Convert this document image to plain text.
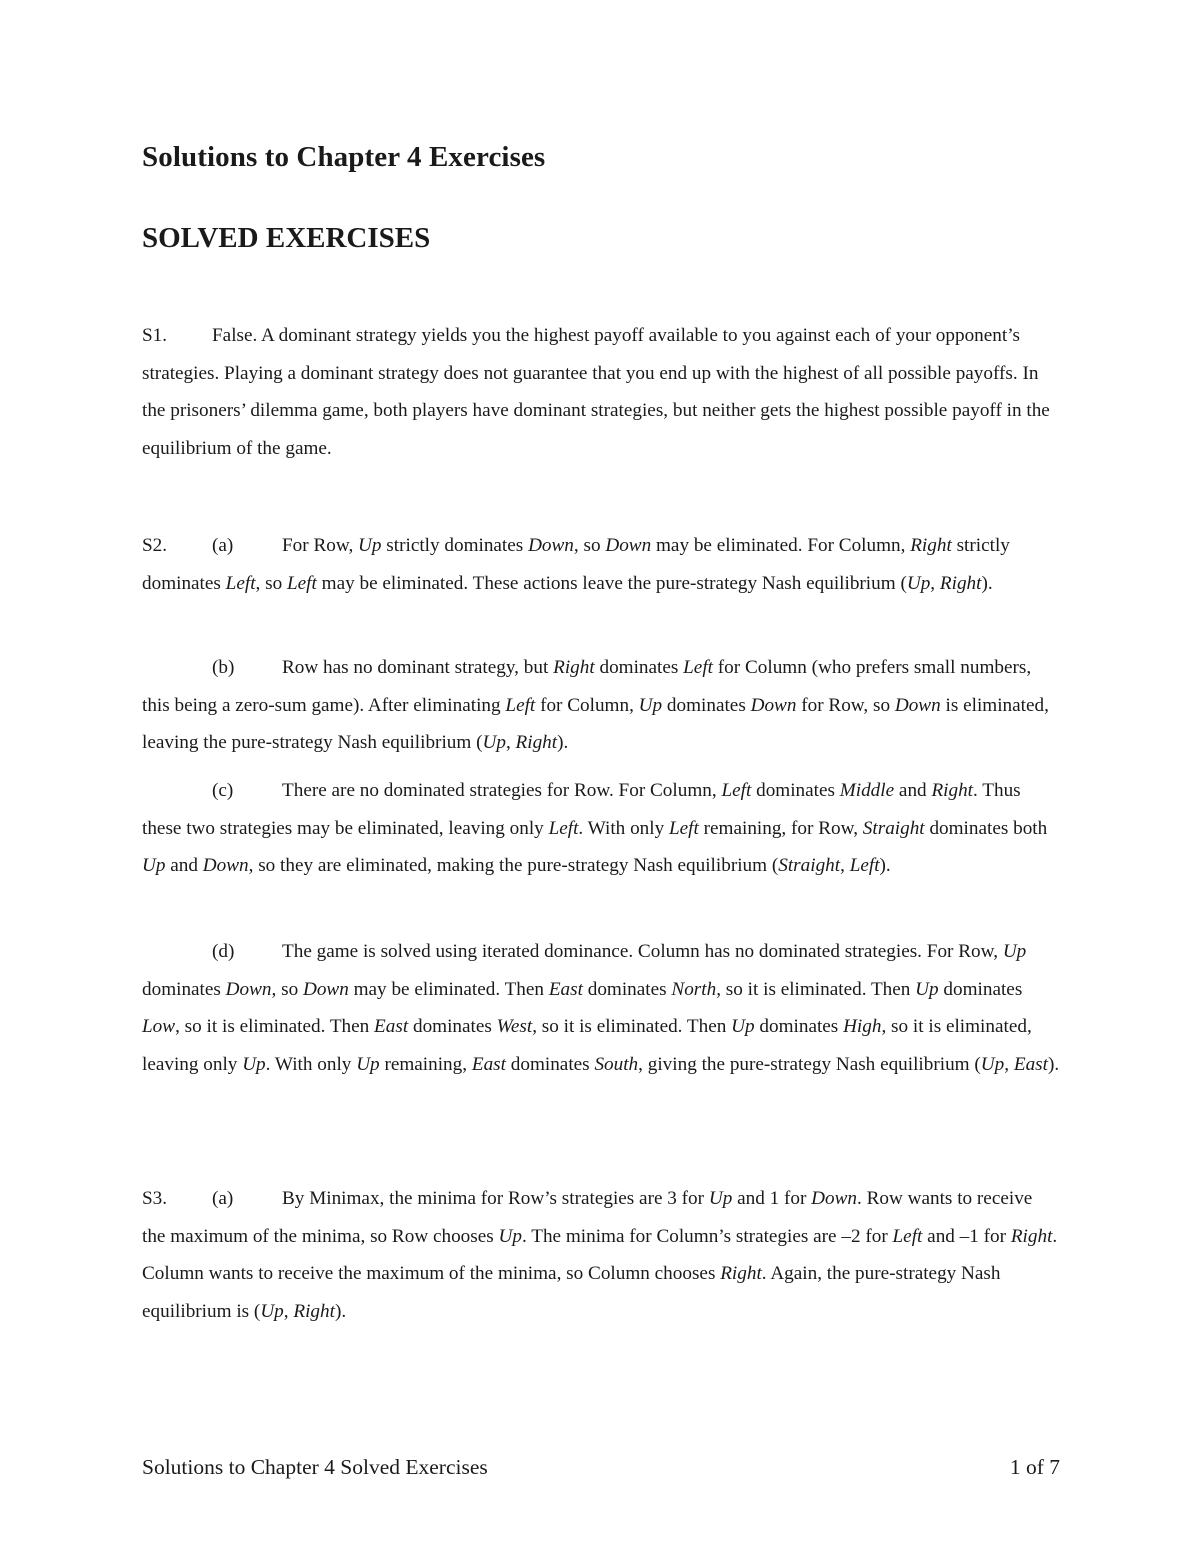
Solutions to Chapter 4 Exercises
SOLVED EXERCISES

S1. False. A dominant strategy yields you the highest payoff available to you against each of your opponent’s strategies. Playing a dominant strategy does not guarantee that you end up with the highest of all possible payoffs. In the prisoners’ dilemma game, both players have dominant strategies, but neither gets the highest possible payoff in the equilibrium of the game.

S2. (a)	For Row, Up strictly dominates Down, so Down may be eliminated. For Column, Right strictly dominates Left, so Left may be eliminated. These actions leave the pure-strategy Nash equilibrium (Up, Right).

(b) Row has no dominant strategy, but Right dominates Left for Column (who prefers small numbers, this being a zero-sum game). After eliminating Left for Column, Up dominates Down for Row, so Down is eliminated, leaving the pure-strategy Nash equilibrium (Up, Right).

(c)	There are no dominated strategies for Row. For Column, Left dominates Middle and Right. Thus these two strategies may be eliminated, leaving only Left. With only Left remaining, for Row, Straight dominates both Up and Down, so they are eliminated, making the pure-strategy Nash equilibrium (Straight, Left).

(d) The game is solved using iterated dominance. Column has no dominated strategies. For Row, Up dominates Down, so Down may be eliminated. Then East dominates North, so it is eliminated. Then Up dominates Low, so it is eliminated. Then East dominates West, so it is eliminated. Then Up dominates High, so it is eliminated, leaving only Up. With only Up remaining, East dominates South, giving the pure-strategy Nash equilibrium (Up, East).

S3. (a)	By Minimax, the minima for Row’s strategies are 3 for Up and 1 for Down. Row wants to receive the maximum of the minima, so Row chooses Up. The minima for Column’s strategies are –2 for Left and –1 for Right. Column wants to receive the maximum of the minima, so Column chooses Right. Again, the pure-strategy Nash equilibrium is (Up, Right).

Solutions to Chapter 4 Solved Exercises	1 of 7
